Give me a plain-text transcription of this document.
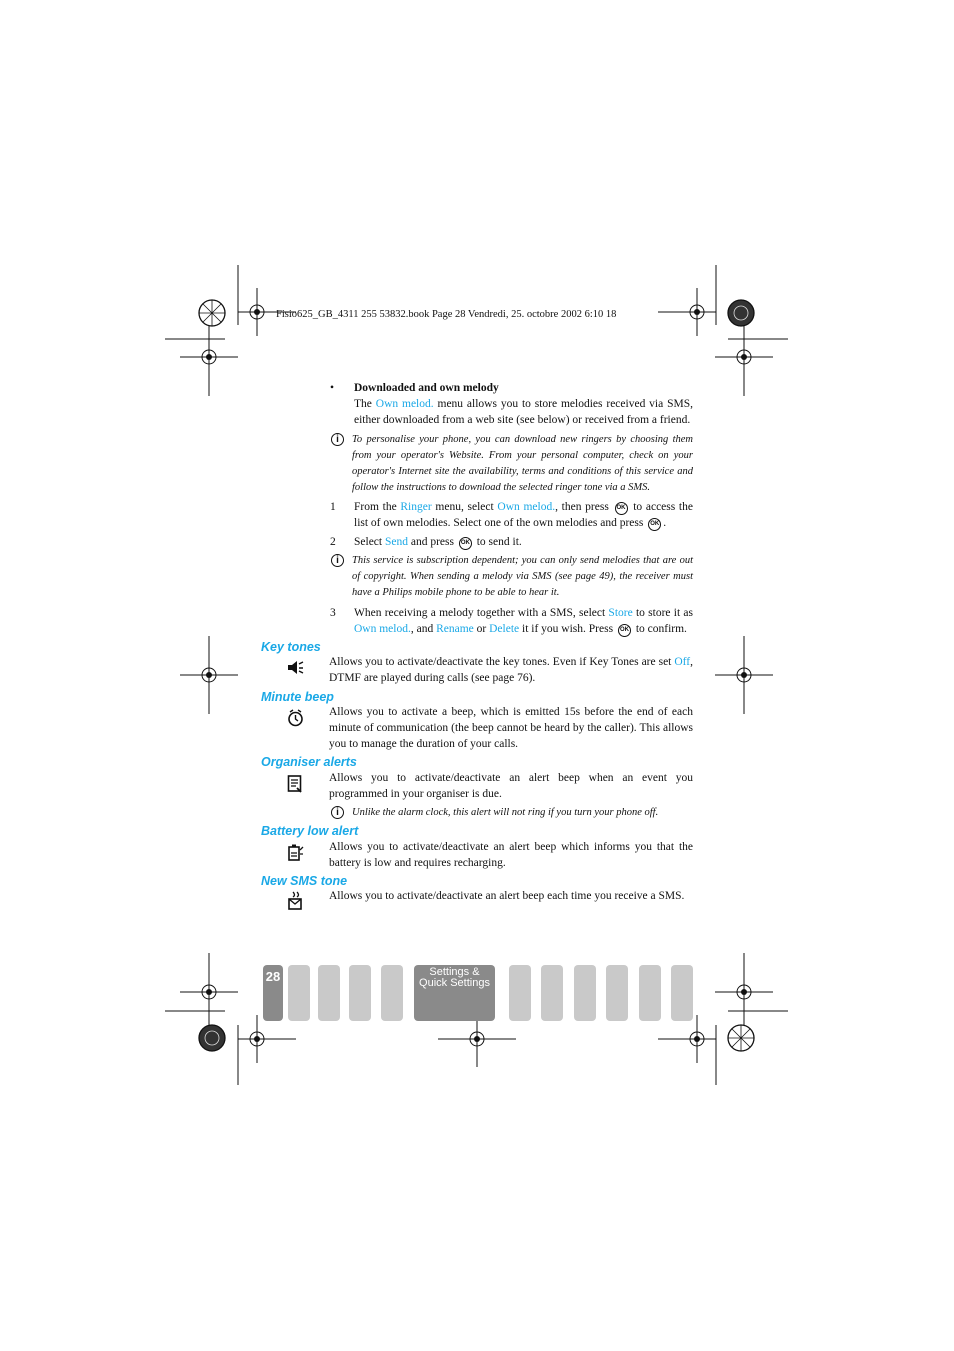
Fisio625_GB_4311 255 53832.book Page 28 Vendredi, 25. octobre 2002 6:10 18
• Downloaded and own melody
The Own melod. menu allows you to store melodies received via SMS, either downloaded from a web site (see below) or received from a friend.
i	To personalise your phone, you can download new ringers by choosing them from your operator's Website. From your personal computer, check on your operator's Internet site the availability, terms and conditions of this service and follow the instructions to download the selected ringer tone via a SMS.
1 From the Ringer menu, select Own melod., then press OK to access the list of own melodies. Select one of the own melodies and press OK .
2 Select Send and press OK to send it.
i	This service is subscription dependent; you can only send melodies that are out of copyright. When sending a melody via SMS (see page 49), the receiver must have a Philips mobile phone to be able to hear it.
3 When receiving a melody together with a SMS, select Store to store it as Own melod., and Rename or Delete it if you wish. Press OK to confirm.
Key tones
Allows you to activate/deactivate the key tones. Even if Key Tones are set Off, DTMF are played during calls (see page 76).
Minute beep
Allows you to activate a beep, which is emitted 15s before the end of each minute of communication (the beep cannot be heard by the caller). This allows you to manage the duration of your calls.
Organiser alerts
Allows you to activate/deactivate an alert beep when an event you programmed in your organiser is due.
i	Unlike the alarm clock, this alert will not ring if you turn your phone off.
Battery low alert
Allows you to activate/deactivate an alert beep which informs you that the battery is low and requires recharging.
New SMS tone
Allows you to activate/deactivate an alert beep each time you receive a SMS.
28	Settings &
Quick Settings
